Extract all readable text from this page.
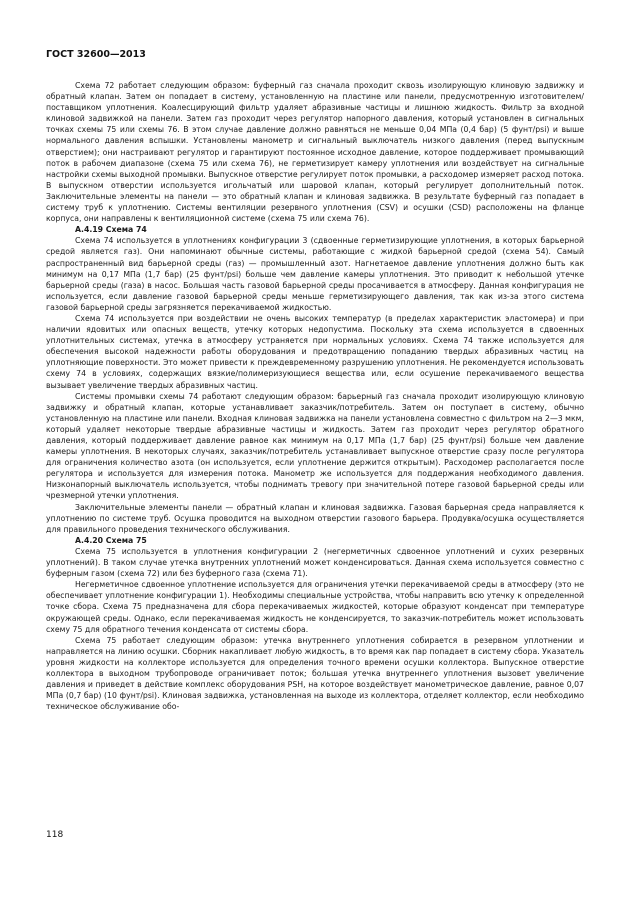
ГОСТ 32600—2013

Схема 72 работает следующим образом: буферный газ сначала проходит сквозь изолирующую клиновую задвижку и обратный клапан. Затем он попадает в систему, установленную на пластине или панели, предусмотренную изготовителем/поставщиком уплотнения. Коалесцирующий фильтр удаляет абразивные частицы и лишнюю жидкость. Фильтр за входной клиновой задвижкой на панели. Затем газ проходит через регулятор напорного давления, который установлен в сигнальных точках схемы 75 или схемы 76. В этом случае давление должно равняться не меньше 0,04 МПа (0,4 бар) (5 фунт/psi) и выше нормального давления вспышки. Установлены манометр и сигнальный выключатель низкого давления (перед выпускным отверстием); они настраивают регулятор и гарантируют постоянное исходное давление, которое поддерживает промывающий поток в рабочем диапазоне (схема 75 или схема 76), не герметизирует камеру уплотнения или воздействует на сигнальные настройки схемы выходной промывки. Выпускное отверстие регулирует поток промывки, а расходомер измеряет расход потока. В выпускном отверстии используется игольчатый или шаровой клапан, который регулирует дополнительный поток. Заключительные элементы на панели — это обратный клапан и клиновая задвижка. В результате буферный газ попадает в систему труб к уплотнению. Системы вентиляции резервного уплотнения (CSV) и осушки (CSD) расположены на фланце корпуса, они направлены к вентиляционной системе (схема 75 или схема 76).

А.4.19 Схема 74

Схема 74 используется в уплотнениях конфигурации 3 (сдвоенные герметизирующие уплотнения, в которых барьерной средой является газ). Они напоминают обычные системы, работающие с жидкой барьерной средой (схема 54). Самый распространенный вид барьерной среды (газ) — промышленный азот. Нагнетаемое давление уплотнения должно быть как минимум на 0,17 МПа (1,7 бар) (25 фунт/psi) больше чем давление камеры уплотнения. Это приводит к небольшой утечке барьерной среды (газа) в насос. Большая часть газовой барьерной среды просачивается в атмосферу. Данная конфигурация не используется, если давление газовой барьерной среды меньше герметизирующего давления, так как из-за этого система газовой барьерной среды загрязняется перекачиваемой жидкостью.

Схема 74 используется при воздействии не очень высоких температур (в пределах характеристик эластомера) и при наличии ядовитых или опасных веществ, утечку которых недопустима. Поскольку эта схема используется в сдвоенных уплотнительных системах, утечка в атмосферу устраняется при нормальных условиях. Схема 74 также используется для обеспечения высокой надежности работы оборудования и предотвращению попаданию твердых абразивных частиц на уплотняющие поверхности. Это может привести к преждевременному разрушению уплотнения. Не рекомендуется использовать схему 74 в условиях, содержащих вязкие/полимеризующиеся вещества или, если осушение перекачиваемого вещества вызывает увеличение твердых абразивных частиц.

Системы промывки схемы 74 работают следующим образом: барьерный газ сначала проходит изолирующую клиновую задвижку и обратный клапан, которые устанавливает заказчик/потребитель. Затем он поступает в систему, обычно установленную на пластине или панели. Входная клиновая задвижка на панели установлена совместно с фильтром на 2—3 мкм, который удаляет некоторые твердые абразивные частицы и жидкость. Затем газ проходит через регулятор обратного давления, который поддерживает давление равное как минимум на 0,17 МПа (1,7 бар) (25 фунт/psi) больше чем давление камеры уплотнения. В некоторых случаях, заказчик/потребитель устанавливает выпускное отверстие сразу после регулятора для ограничения количество азота (он используется, если уплотнение держится открытым). Расходомер располагается после регулятора и используется для измерения потока. Манометр же используется для поддержания необходимого давления. Низконапорный выключатель используется, чтобы поднимать тревогу при значительной потере газовой барьерной среды или чрезмерной утечки уплотнения.

Заключительные элементы панели — обратный клапан и клиновая задвижка. Газовая барьерная среда направляется к уплотнению по системе труб. Осушка проводится на выходном отверстии газового барьера. Продувка/осушка осуществляется для правильного проведения технического обслуживания.

А.4.20 Схема 75

Схема 75 используется в уплотнения конфигурации 2 (негерметичных сдвоенное уплотнений и сухих резервных уплотнений). В таком случае утечка внутренних уплотнений может конденсироваться. Данная схема используется совместно с буферным газом (схема 72) или без буферного газа (схема 71).

Негерметичное сдвоенное уплотнение используется для ограничения утечки перекачиваемой среды в атмосферу (это не обеспечивает уплотнение конфигурации 1). Необходимы специальные устройства, чтобы направить всю утечку к определенной точке сбора. Схема 75 предназначена для сбора перекачиваемых жидкостей, которые образуют конденсат при температуре окружающей среды. Однако, если перекачиваемая жидкость не конденсируется, то заказчик-потребитель может использовать схему 75 для обратного течения конденсата от системы сбора.

Схема 75 работает следующим образом: утечка внутреннего уплотнения собирается в резервном уплотнении и направляется на линию осушки. Сборник накапливает любую жидкость, в то время как пар попадает в систему сбора. Указатель уровня жидкости на коллекторе используется для определения точного времени осушки коллектора. Выпускное отверстие коллектора в выходном трубопроводе ограничивает поток; большая утечка внутреннего уплотнения вызовет увеличение давления и приведет в действие комплекс оборудования PSH, на которое воздействует манометрическое давление, равное 0,07 МПа (0,7 бар) (10 фунт/psi). Клиновая задвижка, установленная на выходе из коллектора, отделяет коллектор, если необходимо техническое обслуживание обо-

118
